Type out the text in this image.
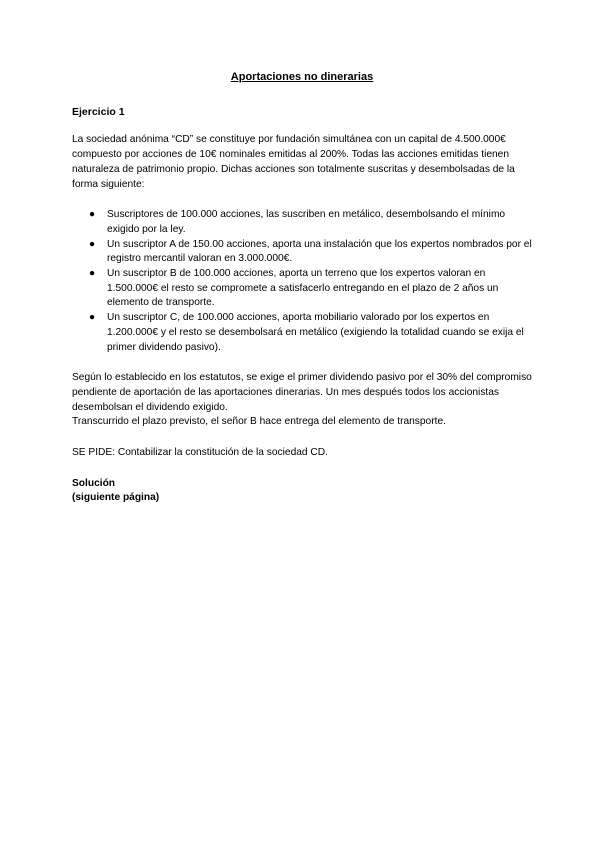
Aportaciones no dinerarias

Ejercicio 1

La sociedad anónima “CD” se constituye por fundación simultánea con un capital de 4.500.000€ compuesto por acciones de 10€ nominales emitidas al 200%. Todas las acciones emitidas tienen naturaleza de patrimonio propio. Dichas acciones son totalmente suscritas y desembolsadas de la forma siguiente:

● Suscriptores de 100.000 acciones, las suscriben en metálico, desembolsando el mínimo exigido por la ley.
● Un suscriptor A de 150.00 acciones, aporta una instalación que los expertos nombrados por el registro mercantil valoran en 3.000.000€.
● Un suscriptor B de 100.000 acciones, aporta un terreno que los expertos valoran en 1.500.000€ el resto se compromete a satisfacerlo entregando en el plazo de 2 años un elemento de transporte.
● Un suscriptor C, de 100.000 acciones, aporta mobiliario valorado por los expertos en 1.200.000€ y el resto se desembolsará en metálico (exigiendo la totalidad cuando se exija el primer dividendo pasivo).

Según lo establecido en los estatutos, se exige el primer dividendo pasivo por el 30% del compromiso pendiente de aportación de las aportaciones dinerarias. Un mes después todos los accionistas desembolsan el dividendo exigido.

Transcurrido el plazo previsto, el señor B hace entrega del elemento de transporte.

SE PIDE: Contabilizar la constitución de la sociedad CD.

Solución

(siguiente página)
